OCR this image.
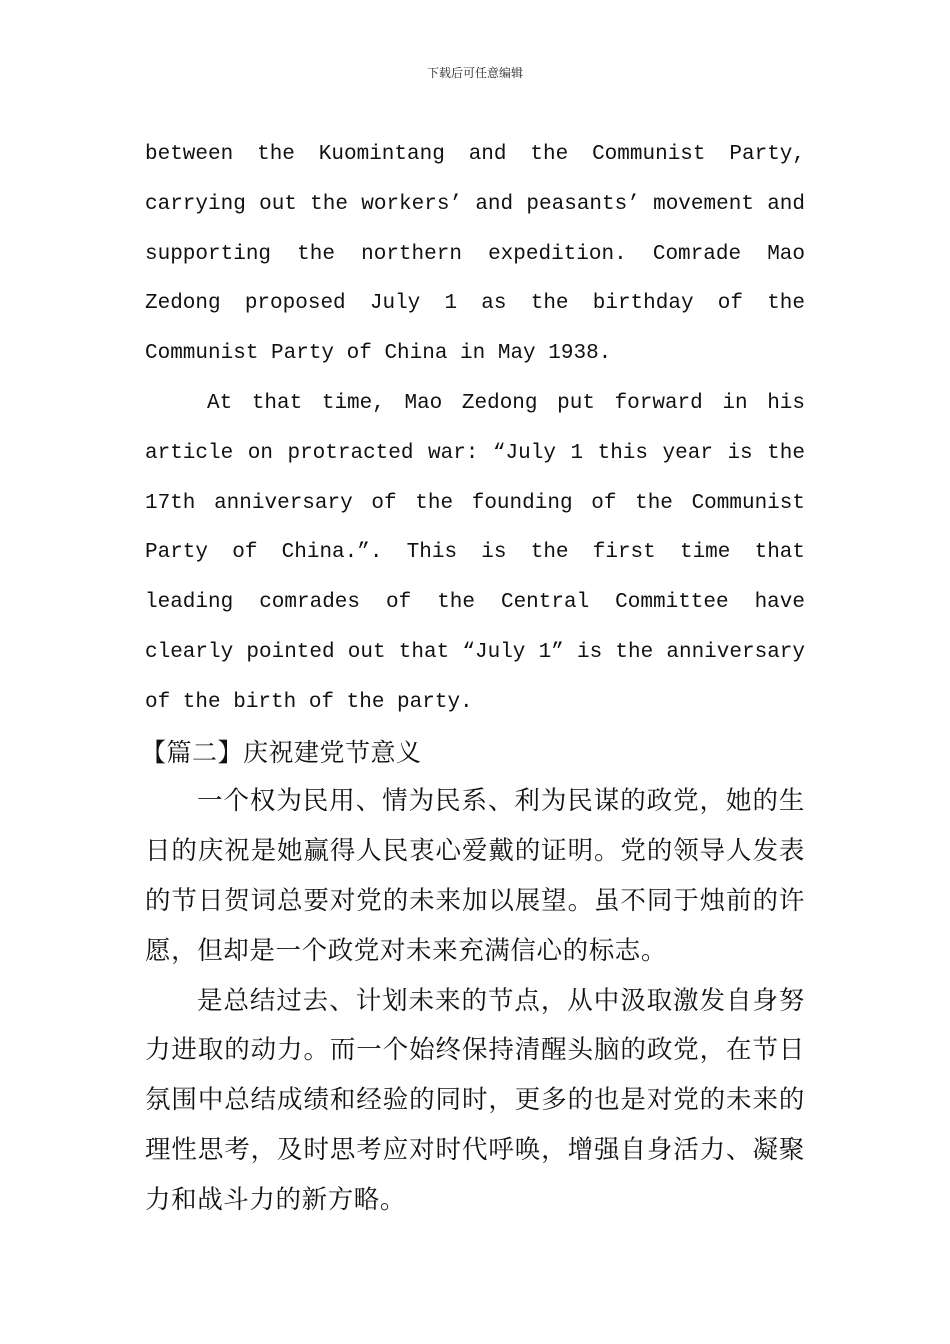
下载后可任意编辑

between the Kuomintang and the Communist Party, carrying out the workers’ and peasants’ movement and supporting the northern expedition. Comrade Mao Zedong proposed July 1 as the birthday of the Communist Party of China in May 1938.

At that time, Mao Zedong put forward in his article on protracted war: “July 1 this year is the 17th anniversary of the founding of the Communist Party of China.”. This is the first time that leading comrades of the Central Committee have clearly pointed out that “July 1” is the anniversary of the birth of the party.

【篇二】庆祝建党节意义

一个权为民用、情为民系、利为民谋的政党，她的生日的庆祝是她赢得人民衷心爱戴的证明。党的领导人发表的节日贺词总要对党的未来加以展望。虽不同于烛前的许愿，但却是一个政党对未来充满信心的标志。

是总结过去、计划未来的节点，从中汲取激发自身努力进取的动力。而一个始终保持清醒头脑的政党，在节日氛围中总结成绩和经验的同时，更多的也是对党的未来的理性思考，及时思考应对时代呼唤，增强自身活力、凝聚力和战斗力的新方略。
